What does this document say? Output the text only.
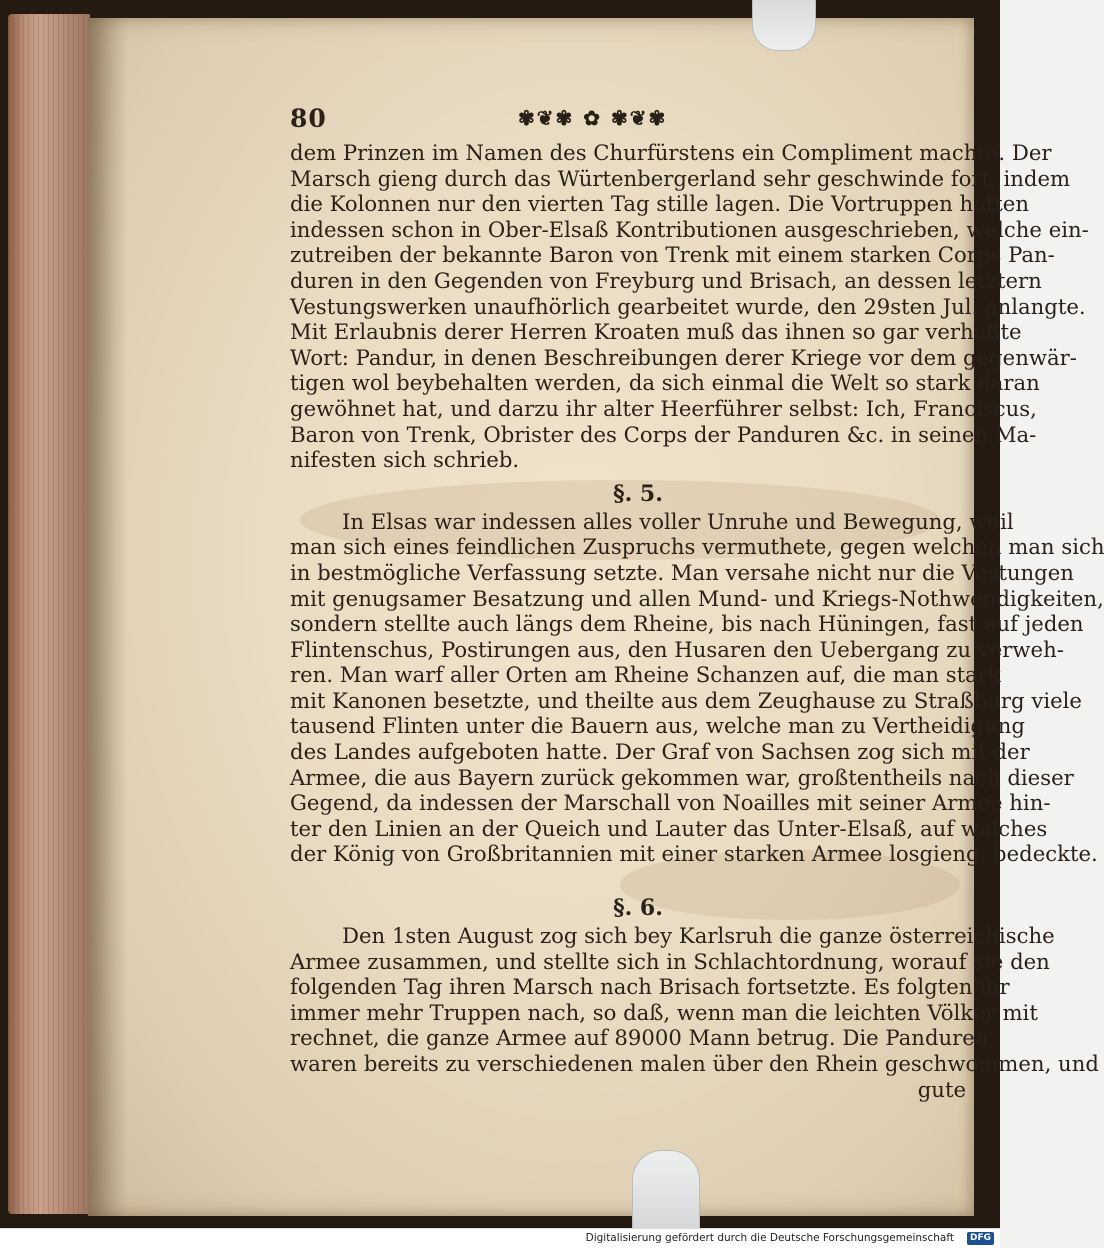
80	✾❦✾ ✿ ✾❦✾
dem Prinzen im Namen des Churfürstens ein Compliment machte. Der
Marsch gieng durch das Würtenbergerland sehr geschwinde fort, indem
die Kolonnen nur den vierten Tag stille lagen. Die Vortruppen hatten
indessen schon in Ober-Elsaß Kontributionen ausgeschrieben, welche ein-
zutreiben der bekannte Baron von Trenk mit einem starken Corps Pan-
duren in den Gegenden von Freyburg und Brisach, an dessen letztern
Vestungswerken unaufhörlich gearbeitet wurde, den 29sten Jul. anlangte.
Mit Erlaubnis derer Herren Kroaten muß das ihnen so gar verhaßte
Wort: Pandur, in denen Beschreibungen derer Kriege vor dem gegenwär-
tigen wol beybehalten werden, da sich einmal die Welt so stark daran
gewöhnet hat, und darzu ihr alter Heerführer selbst: Ich, Franciscus,
Baron von Trenk, Obrister des Corps der Panduren &c. in seinen Ma-
nifesten sich schrieb.
§. 5.
In Elsas war indessen alles voller Unruhe und Bewegung, weil
man sich eines feindlichen Zuspruchs vermuthete, gegen welchen man sich
in bestmögliche Verfassung setzte. Man versahe nicht nur die Vestungen
mit genugsamer Besatzung und allen Mund- und Kriegs-Nothwendigkeiten,
sondern stellte auch längs dem Rheine, bis nach Hüningen, fast auf jeden
Flintenschus, Postirungen aus, den Husaren den Uebergang zu verweh-
ren. Man warf aller Orten am Rheine Schanzen auf, die man stark
mit Kanonen besetzte, und theilte aus dem Zeughause zu Straßburg viele
tausend Flinten unter die Bauern aus, welche man zu Vertheidigung
des Landes aufgeboten hatte. Der Graf von Sachsen zog sich mit der
Armee, die aus Bayern zurück gekommen war, großtentheils nach dieser
Gegend, da indessen der Marschall von Noailles mit seiner Armee hin-
ter den Linien an der Queich und Lauter das Unter-Elsaß, auf welches
der König von Großbritannien mit einer starken Armee losgieng, bedeckte.
§. 6.
Den 1sten August zog sich bey Karlsruh die ganze österreichische
Armee zusammen, und stellte sich in Schlachtordnung, worauf sie den
folgenden Tag ihren Marsch nach Brisach fortsetzte. Es folgten ihr
immer mehr Truppen nach, so daß, wenn man die leichten Völker mit
rechnet, die ganze Armee auf 89000 Mann betrug. Die Panduren
waren bereits zu verschiedenen malen über den Rhein geschwommen, und
gute
Digitalisierung gefördert durch die Deutsche Forschungsgemeinschaft	DFG
